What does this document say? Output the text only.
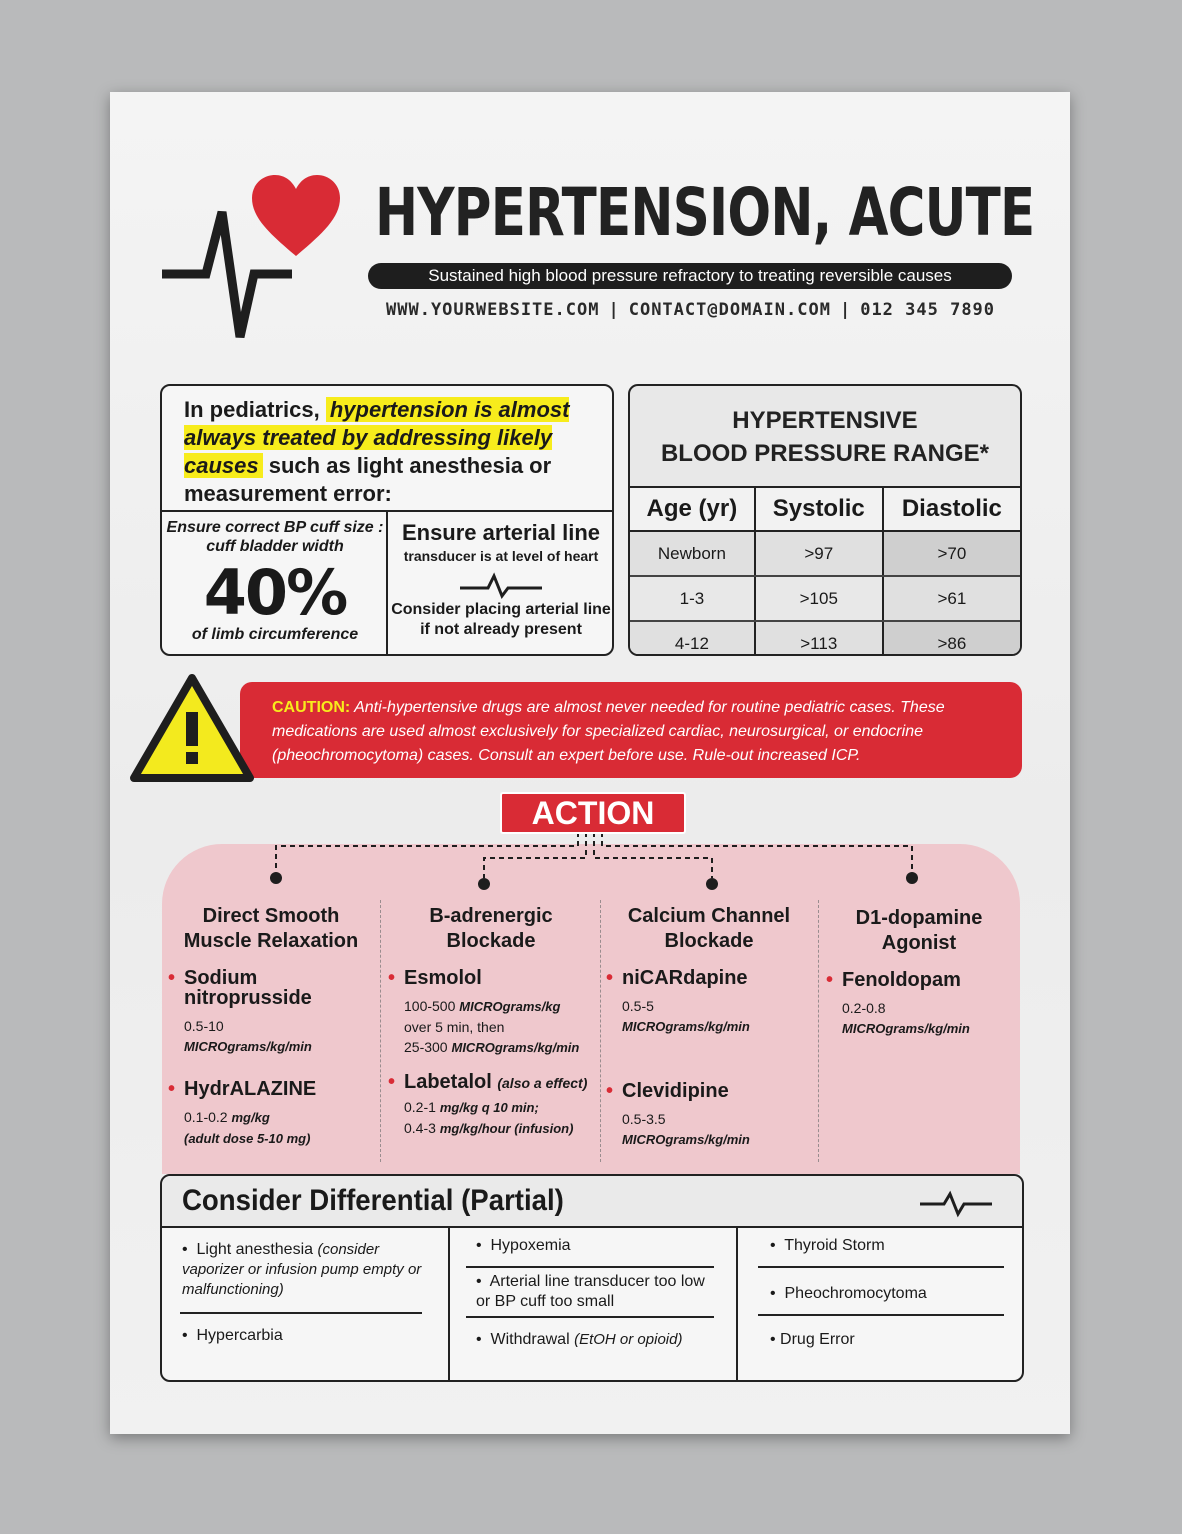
HYPERTENSION, ACUTE
Sustained high blood pressure refractory to treating reversible causes
WWW.YOURWEBSITE.COM | CONTACT@DOMAIN.COM | 012 345 7890
In pediatrics, hypertension is almost always treated by addressing likely causes such as light anesthesia or measurement error:
Ensure correct BP cuff size : cuff bladder width
40%
of limb circumference
Ensure arterial line
transducer is at level of heart
Consider placing arterial line if not already present
HYPERTENSIVE
BLOOD PRESSURE RANGE*
Age (yr)	Systolic	Diastolic
Newborn	>97	>70
1-3	>105	>61
4-12	>113	>86
CAUTION: Anti-hypertensive drugs are almost never needed for routine pediatric cases. These medications are used almost exclusively for specialized cardiac, neurosurgical, or endocrine (pheochromocytoma) cases. Consult an expert before use. Rule-out increased ICP.
ACTION
Direct Smooth Muscle Relaxation
• Sodium nitroprusside
0.5-10
MICROgrams/kg/min
• HydrALAZINE
0.1-0.2 mg/kg
(adult dose 5-10 mg)
B-adrenergic Blockade
• Esmolol
100-500 MICROgrams/kg
over 5 min, then
25-300 MICROgrams/kg/min
• Labetalol (also a effect)
0.2-1 mg/kg q 10 min;
0.4-3 mg/kg/hour (infusion)
Calcium Channel Blockade
• niCARdapine
0.5-5
MICROgrams/kg/min
• Clevidipine
0.5-3.5
MICROgrams/kg/min
D1-dopamine Agonist
• Fenoldopam
0.2-0.8
MICROgrams/kg/min
Consider Differential (Partial)
•  Light anesthesia (consider vaporizer or infusion pump empty or malfunctioning)
•  Hypercarbia
•  Hypoxemia
•  Arterial line transducer too low or BP cuff too small
•  Withdrawal (EtOH or opioid)
•  Thyroid Storm
•  Pheochromocytoma
• Drug Error
